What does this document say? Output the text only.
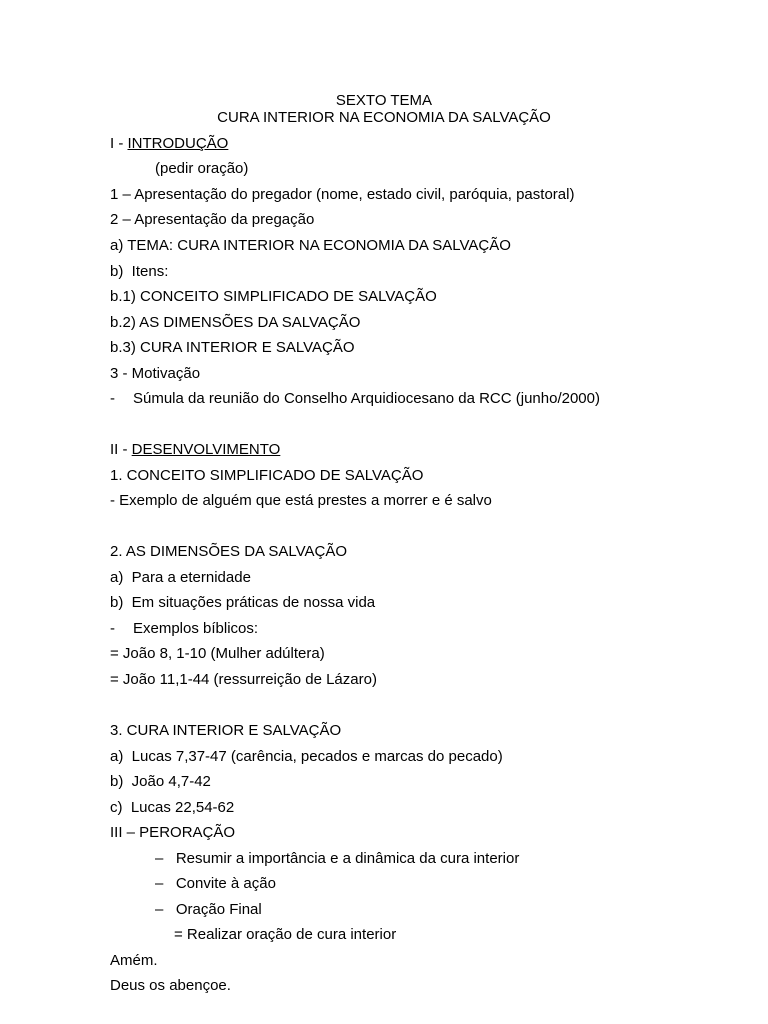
SEXTO TEMA
CURA INTERIOR NA ECONOMIA DA SALVAÇÃO
I - INTRODUÇÃO
(pedir oração)
1 – Apresentação do pregador (nome, estado civil, paróquia, pastoral)
2 – Apresentação da pregação
a) TEMA: CURA INTERIOR NA ECONOMIA DA SALVAÇÃO
b)  Itens:
b.1) CONCEITO SIMPLIFICADO DE SALVAÇÃO
b.2) AS DIMENSÕES DA SALVAÇÃO
b.3) CURA INTERIOR E SALVAÇÃO
3 - Motivação
- Súmula da reunião do Conselho Arquidiocesano da RCC (junho/2000)
II - DESENVOLVIMENTO
1. CONCEITO SIMPLIFICADO DE SALVAÇÃO
- Exemplo de alguém que está prestes a morrer e é salvo
2. AS DIMENSÕES DA SALVAÇÃO
a)  Para a eternidade
b)  Em situações práticas de nossa vida
- Exemplos bíblicos:
= João 8, 1-10 (Mulher adúltera)
= João 11,1-44 (ressurreição de Lázaro)
3. CURA INTERIOR E SALVAÇÃO
a)  Lucas 7,37-47 (carência, pecados e marcas do pecado)
b)  João 4,7-42
c)  Lucas 22,54-62
III – PERORAÇÃO
–   Resumir a importância e a dinâmica da cura interior
–   Convite à ação
–   Oração Final
= Realizar oração de cura interior
Amém.
Deus os abençoe.
